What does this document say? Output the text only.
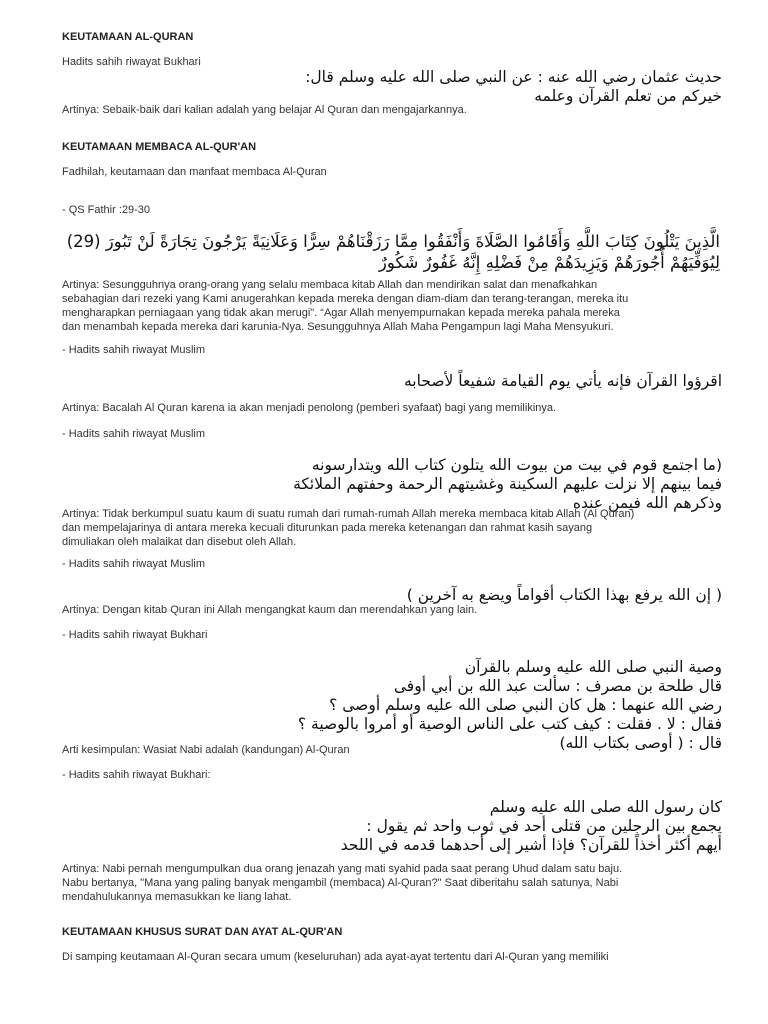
KEUTAMAAN AL-QURAN
Hadits sahih riwayat Bukhari
حديث عثمان رضي الله عنه : عن النبي صلى الله عليه وسلم قال:
خيركم من تعلم القرآن وعلمه
Artinya: Sebaik-baik dari kalian adalah yang belajar Al Quran dan mengajarkannya.
KEUTAMAAN MEMBACA AL-QUR'AN
Fadhilah, keutamaan dan manfaat membaca Al-Quran
- QS Fathir :29-30
الَّذِينَ يَتْلُونَ كِتَابَ اللَّهِ وَأَقَامُوا الصَّلَاةَ وَأَنْفَقُوا مِمَّا رَزَقْنَاهُمْ سِرًّا وَعَلَانِيَةً يَرْجُونَ تِجَارَةً لَنْ تَبُورَ (29)
لِيُوَفِّيَهُمْ أُجُورَهُمْ وَيَزِيدَهُمْ مِنْ فَضْلِهِ إِنَّهُ غَفُورٌ شَكُورٌ
Artinya: Sesungguhnya orang-orang yang selalu membaca kitab Allah dan mendirikan salat dan menafkahkan
sebahagian dari rezeki yang Kami anugerahkan kepada mereka dengan diam-diam dan terang-terangan, mereka itu
mengharapkan perniagaan yang tidak akan merugi". “Agar Allah menyempurnakan kepada mereka pahala mereka
dan menambah kepada mereka dari karunia-Nya. Sesungguhnya Allah Maha Pengampun lagi Maha Mensyukuri.
- Hadits sahih riwayat Muslim
اقرؤوا القرآن فإنه يأتي يوم القيامة شفيعاً لأصحابه
Artinya: Bacalah Al Quran karena ia akan menjadi penolong (pemberi syafaat) bagi yang memilikinya.
- Hadits sahih riwayat Muslim
(ما اجتمع قوم في بيت من بيوت الله يتلون كتاب الله ويتدارسونه
فيما بينهم إلا نزلت عليهم السكينة وغشيتهم الرحمة وحفتهم الملائكة
وذكرهم الله فيمن عنده
Artinya: Tidak berkumpul suatu kaum di suatu rumah dari rumah-rumah Allah mereka membaca kitab Allah (Al Quran)
dan mempelajarinya di antara mereka kecuali diturunkan pada mereka ketenangan dan rahmat kasih sayang
dimuliakan oleh malaikat dan disebut oleh Allah.
- Hadits sahih riwayat Muslim
( إن الله يرفع بهذا الكتاب أقواماً ويضع به آخرين )
Artinya: Dengan kitab Quran ini Allah mengangkat kaum dan merendahkan yang lain.
- Hadits sahih riwayat Bukhari
وصية النبي صلى الله عليه وسلم بالقرآن
قال طلحة بن مصرف : سألت عبد الله بن أبي أوفى
رضي الله عنهما : هل كان النبي صلى الله عليه وسلم أوصى ؟
فقال : لا . فقلت : كيف كتب على الناس الوصية أو أمروا بالوصية ؟
قال : ( أوصى بكتاب الله)
Arti kesimpulan: Wasiat Nabi adalah (kandungan) Al-Quran
- Hadits sahih riwayat Bukhari:
كان رسول الله صلى الله عليه وسلم
يجمع بين الرجلين من قتلى أحد في ثوب واحد ثم يقول :
أيهم أكثر أخذاً للقرآن؟ فإذا أشير إلى أحدهما قدمه في اللحد
Artinya: Nabi pernah mengumpulkan dua orang jenazah yang mati syahid pada saat perang Uhud dalam satu baju.
Nabu bertanya, "Mana yang paling banyak mengambil (membaca) Al-Quran?" Saat diberitahu salah satunya, Nabi
mendahulukannya memasukkan ke liang lahat.
KEUTAMAAN KHUSUS SURAT DAN AYAT AL-QUR'AN
Di samping keutamaan Al-Quran secara umum (keseluruhan) ada ayat-ayat tertentu dari Al-Quran yang memiliki
